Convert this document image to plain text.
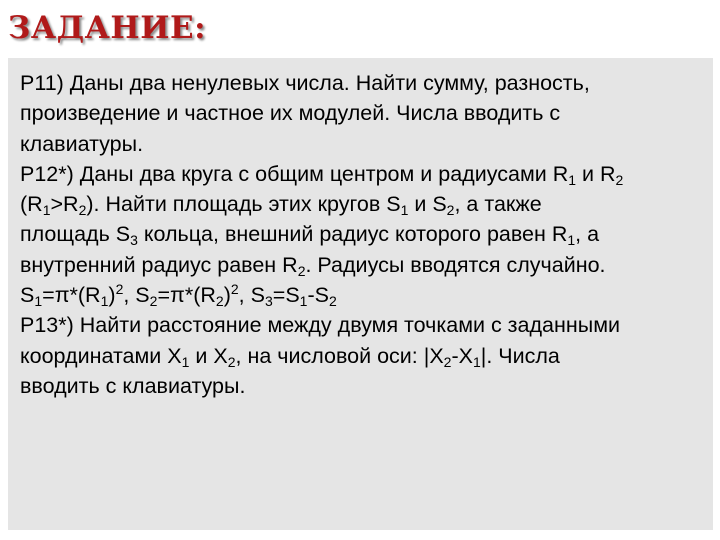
ЗАДАНИЕ:

Р11) Даны два ненулевых числа. Найти сумму, разность,
произведение и частное их модулей. Числа вводить с
клавиатуры.
Р12*) Даны два круга с общим центром и радиусами $R_1$ и $R_2$
$(R_1>R_2)$. Найти площадь этих кругов $S_1$ и $S_2$, а также
площадь $S_3$ кольца, внешний радиус которого равен $R_1$, а
внутренний радиус равен $R_2$. Радиусы вводятся случайно.
$S_1=\pi*(R_1)^2$, $S_2=\pi*(R_2)^2$, $S_3=S_1-S_2$
Р13*) Найти расстояние между двумя точками с заданными
координатами $X_1$ и $X_2$, на числовой оси: $|X_2-X_1|$. Числа
вводить с клавиатуры.
